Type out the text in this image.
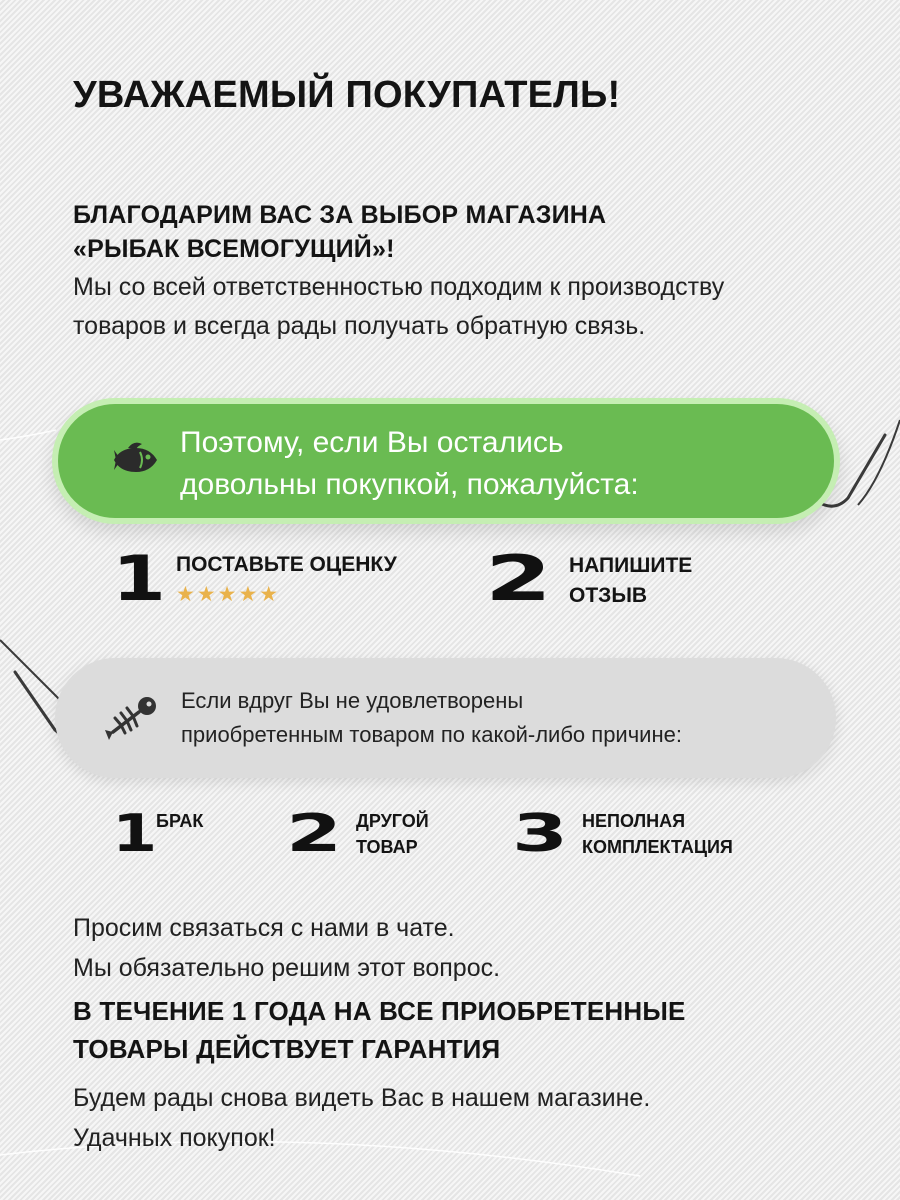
УВАЖАЕМЫЙ ПОКУПАТЕЛЬ!
БЛАГОДАРИМ ВАС ЗА ВЫБОР МАГАЗИНА
«РЫБАК ВСЕМОГУЩИЙ»!
Мы со всей ответственностью подходим к производству
товаров и всегда рады получать обратную связь.
Поэтому, если Вы остались
довольны покупкой, пожалуйста:
1 ПОСТАВЬТЕ ОЦЕНКУ
★★★★★	2 НАПИШИТЕ
ОТЗЫВ
Если вдруг Вы не удовлетворены
приобретенным товаром по какой-либо причине:
1
БРАК 2 ДРУГОЙ
ТОВАР 3 НЕПОЛНАЯ
КОМПЛЕКТАЦИЯ
Просим связаться с нами в чате.
Мы обязательно решим этот вопрос.
В ТЕЧЕНИЕ 1 ГОДА НА ВСЕ ПРИОБРЕТЕННЫЕ
ТОВАРЫ ДЕЙСТВУЕТ ГАРАНТИЯ
Будем рады снова видеть Вас в нашем магазине.
Удачных покупок!
